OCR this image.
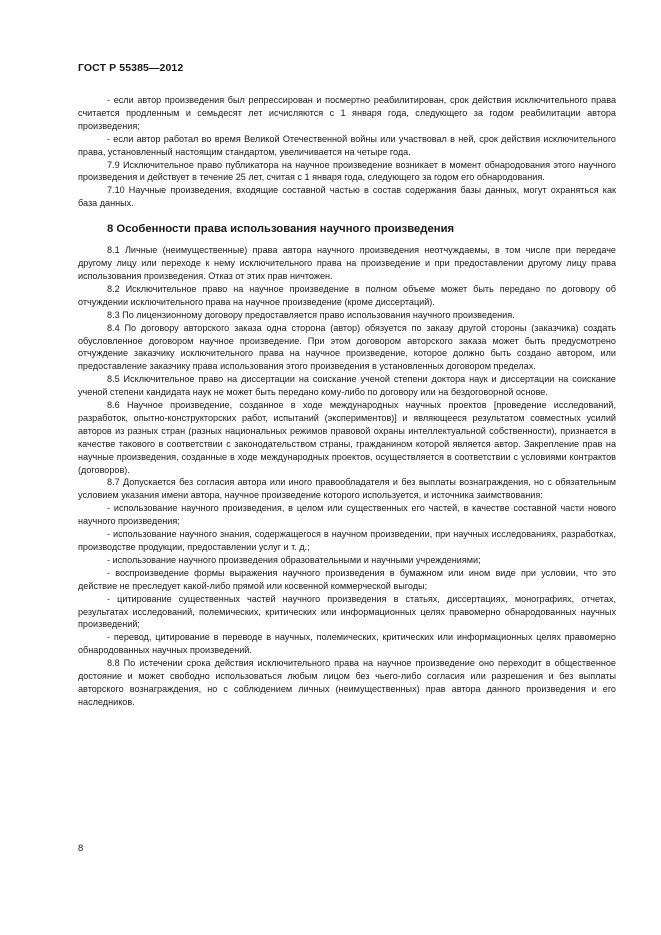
ГОСТ Р 55385—2012

- если автор произведения был репрессирован и посмертно реабилитирован, срок действия исключительного права считается продленным и семьдесят лет исчисляются с 1 января года, следующего за годом реабилитации автора произведения;

- если автор работал во время Великой Отечественной войны или участвовал в ней, срок действия исключительного права, установленный настоящим стандартом, увеличивается на четыре года.

7.9 Исключительное право публикатора на научное произведение возникает в момент обнародования этого научного произведения и действует в течение 25 лет, считая с 1 января года, следующего за годом его обнародования.

7.10 Научные произведения, входящие составной частью в состав содержания базы данных, могут охраняться как база данных.

8 Особенности права использования научного произведения

8.1 Личные (неимущественные) права автора научного произведения неотчуждаемы, в том числе при передаче другому лицу или переходе к нему исключительного права на произведение и при предоставлении другому лицу права использования произведения. Отказ от этих прав ничтожен.

8.2 Исключительное право на научное произведение в полном объеме может быть передано по договору об отчуждении исключительного права на научное произведение (кроме диссертаций).

8.3 По лицензионному договору предоставляется право использования научного произведения.

8.4 По договору авторского заказа одна сторона (автор) обязуется по заказу другой стороны (заказчика) создать обусловленное договором научное произведение. При этом договором авторского заказа может быть предусмотрено отчуждение заказчику исключительного права на научное произведение, которое должно быть создано автором, или предоставление заказчику права использования этого произведения в установленных договором пределах.

8.5 Исключительное право на диссертации на соискание ученой степени доктора наук и диссертации на соискание ученой степени кандидата наук не может быть передано кому-либо по договору или на бездоговорной основе.

8.6 Научное произведение, созданное в ходе международных научных проектов [проведение исследований, разработок, опытно-конструкторских работ, испытаний (экспериментов)] и являющееся результатом совместных усилий авторов из разных стран (разных национальных режимов правовой охраны интеллектуальной собственности), признается в качестве такового в соответствии с законодательством страны, гражданином которой является автор. Закрепление прав на научные произведения, созданные в ходе международных проектов, осуществляется в соответствии с условиями контрактов (договоров).

8.7 Допускается без согласия автора или иного правообладателя и без выплаты вознаграждения, но с обязательным условием указания имени автора, научное произведение которого используется, и источника заимствования:

- использование научного произведения, в целом или существенных его частей, в качестве составной части нового научного произведения;

- использование научного знания, содержащегося в научном произведении, при научных исследованиях, разработках, производстве продукции, предоставлении услуг и т. д.;

- использование научного произведения образовательными и научными учреждениями;

- воспроизведение формы выражения научного произведения в бумажном или ином виде при условии, что это действие не преследует какой-либо прямой или косвенной коммерческой выгоды;

- цитирование существенных частей научного произведения в статьях, диссертациях, монографиях, отчетах, результатах исследований, полемических, критических или информационных целях правомерно обнародованных научных произведений;

- перевод, цитирование в переводе в научных, полемических, критических или информационных целях правомерно обнародованных научных произведений.

8.8 По истечении срока действия исключительного права на научное произведение оно переходит в общественное достояние и может свободно использоваться любым лицом без чьего-либо согласия или разрешения и без выплаты авторского вознаграждения, но с соблюдением личных (неимущественных) прав автора данного произведения и его наследников.

8
